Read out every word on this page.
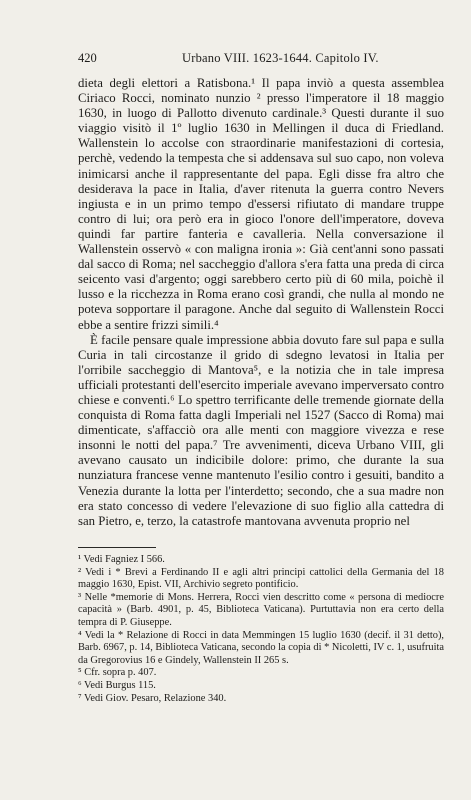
420	Urbano VIII. 1623-1644. Capitolo IV.

dieta degli elettori a Ratisbona.¹ Il papa inviò a questa assemblea Ciriaco Rocci, nominato nunzio ² presso l'imperatore il 18 maggio 1630, in luogo di Pallotto divenuto cardinale.³ Questi durante il suo viaggio visitò il 1º luglio 1630 in Mellingen il duca di Friedland. Wallenstein lo accolse con straordinarie manifestazioni di cortesia, perchè, vedendo la tempesta che si addensava sul suo capo, non voleva inimicarsi anche il rappresentante del papa. Egli disse fra altro che desiderava la pace in Italia, d'aver ritenuta la guerra contro Nevers ingiusta e in un primo tempo d'essersi rifiutato di mandare truppe contro di lui; ora però era in gioco l'onore dell'imperatore, doveva quindi far partire fanteria e cavalleria. Nella conversazione il Wallenstein osservò « con maligna ironia »: Già cent'anni sono passati dal sacco di Roma; nel saccheggio d'allora s'era fatta una preda di circa seicento vasi d'argento; oggi sarebbero certo più di 60 mila, poichè il lusso e la ricchezza in Roma erano così grandi, che nulla al mondo ne poteva sopportare il paragone. Anche dal seguito di Wallenstein Rocci ebbe a sentire frizzi simili.⁴

È facile pensare quale impressione abbia dovuto fare sul papa e sulla Curia in tali circostanze il grido di sdegno levatosi in Italia per l'orribile saccheggio di Mantova⁵, e la notizia che in tale impresa ufficiali protestanti dell'esercito imperiale avevano imperversato contro chiese e conventi.⁶ Lo spettro terrificante delle tremende giornate della conquista di Roma fatta dagli Imperiali nel 1527 (Sacco di Roma) mai dimenticate, s'affacciò ora alle menti con maggiore vivezza e rese insonni le notti del papa.⁷ Tre avvenimenti, diceva Urbano VIII, gli avevano causato un indicibile dolore: primo, che durante la sua nunziatura francese venne mantenuto l'esilio contro i gesuiti, bandito a Venezia durante la lotta per l'interdetto; secondo, che a sua madre non era stato concesso di vedere l'elevazione di suo figlio alla cattedra di san Pietro, e, terzo, la catastrofe mantovana avvenuta proprio nel

¹ Vedi Fagniez I 566.

² Vedi i * Brevi a Ferdinando II e agli altri principi cattolici della Germania del 18 maggio 1630, Epist. VII, Archivio segreto pontificio.

³ Nelle *memorie di Mons. Herrera, Rocci vien descritto come « persona di mediocre capacità » (Barb. 4901, p. 45, Biblioteca Vaticana). Purtuttavia non era certo della tempra di P. Giuseppe.

⁴ Vedi la * Relazione di Rocci in data Memmingen 15 luglio 1630 (decif. il 31 detto), Barb. 6967, p. 14, Biblioteca Vaticana, secondo la copia di * Nicoletti, IV c. 1, usufruita da Gregorovius 16 e Gindely, Wallenstein II 265 s.

⁵ Cfr. sopra p. 407.

⁶ Vedi Burgus 115.

⁷ Vedi Giov. Pesaro, Relazione 340.
